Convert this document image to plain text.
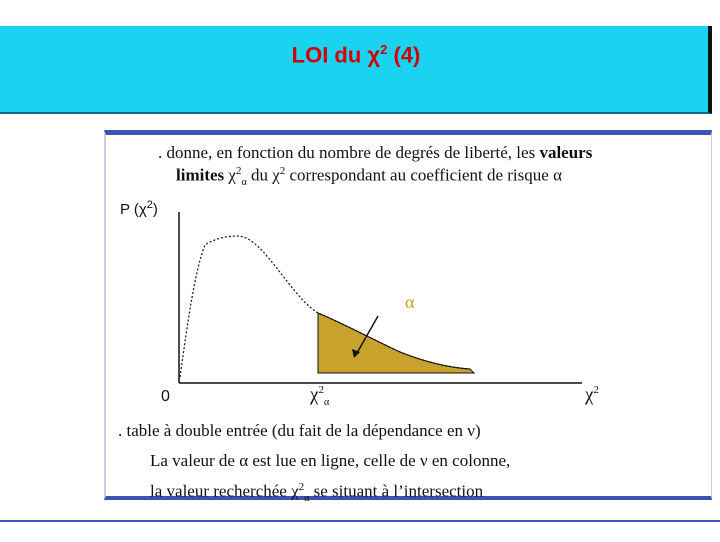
LOI du $\chi^2$ (4)
. donne, en fonction du nombre de degrés de liberté, les valeurs
limites $\chi^2_\alpha$ du $\chi^2$ correspondant au coefficient de risque α
P $(\chi^2)$
α
0	$\chi^2_\alpha$	$\chi^2$
. table à double entrée (du fait de la dépendance en ν)
La valeur de α est lue en ligne, celle de ν en colonne,
la valeur recherchée $\chi^2_\alpha$ se situant à l’intersection
